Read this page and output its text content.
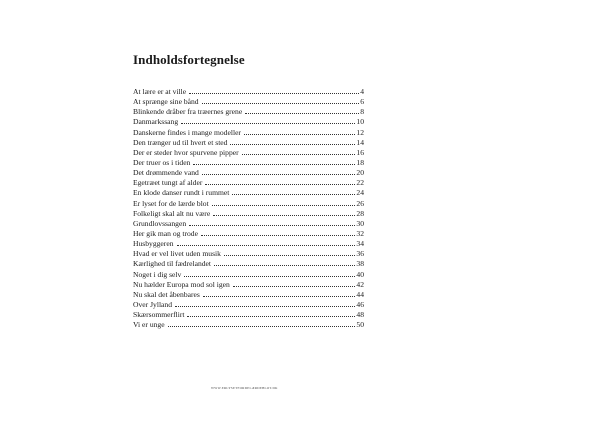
Indholdsfortegnelse
At lære er at ville	4
At sprænge sine bånd	6
Blinkende dråber fra træernes grene	8
Danmarkssang	10
Danskerne findes i mange modeller	12
Den trænger ud til hvert et sted	14
Der er steder hvor spurvene pipper	16
Der truer os i tiden	18
Det drømmende vand	20
Egetræet tungt af alder	22
En klode danser rundt i rummet	24
Er lyset for de lærde blot	26
Folkeligt skal alt nu være	28
Grundlovssangen	30
Her gik man og trode	32
Husbyggeren	34
Hvad er vel livet uden musik	36
Kærlighed til fædrelandet	38
Noget i dig selv	40
Nu hælder Europa mod sol igen	42
Nu skal det åbenbares	44
Over Jylland	46
Skærsommerflirt	48
Vi er unge	50
WWW.ERLYSETFORDELÆRDEBLOT.DK
